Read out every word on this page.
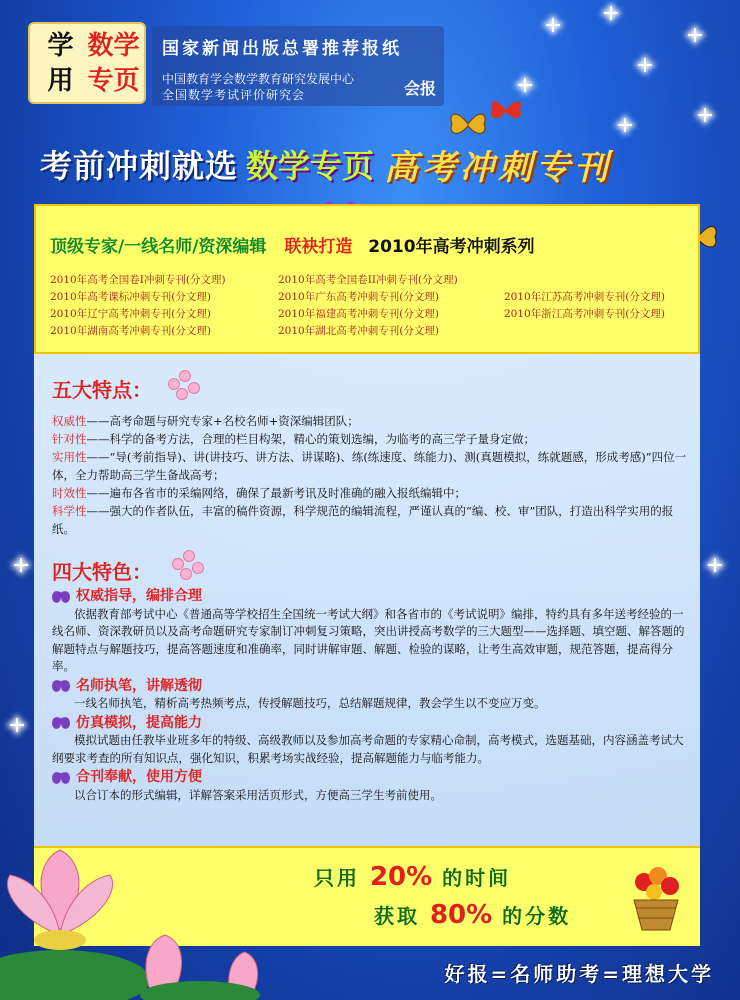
学 数学
用 专页
国家新闻出版总署推荐报纸
中国教育学会数学教育研究发展中心
全国数学考试评价研究会	会报
考前冲刺就选 数学专页 高考冲刺专刊
顶级专家/一线名师/资深编辑 联袂打造 2010年高考冲刺系列
2010年高考全国卷I冲刺专刊(分文理)	2010年高考全国卷II冲刺专刊(分文理)
2010年高考课标冲刺专刊(分文理)	2010年广东高考冲刺专刊(分文理)	2010年江苏高考冲刺专刊(分文理)
2010年辽宁高考冲刺专刊(分文理)	2010年福建高考冲刺专刊(分文理)	2010年浙江高考冲刺专刊(分文理)
2010年湖南高考冲刺专刊(分文理)	2010年湖北高考冲刺专刊(分文理)
五大特点：
权威性——高考命题与研究专家+名校名师+资深编辑团队；
针对性——科学的备考方法，合理的栏目构架，精心的策划选编，为临考的高三学子量身定做；
实用性——“导(考前指导)、讲(讲技巧、讲方法、讲谋略)、练(练速度、练能力)、测(真题模拟，练就题感，形成考感)”四位一体，全力帮助高三学生备战高考；
时效性——遍布各省市的采编网络，确保了最新考讯及时准确的融入报纸编辑中；
科学性——强大的作者队伍，丰富的稿件资源，科学规范的编辑流程，严谨认真的“编、校、审”团队，打造出科学实用的报纸。
四大特色：
权威指导，编排合理

依据教育部考试中心《普通高等学校招生全国统一考试大纲》和各省市的《考试说明》编排，特约具有多年送考经验的一线名师、资深教研员以及高考命题研究专家制订冲刺复习策略，突出讲授高考数学的三大题型——选择题、填空题、解答题的解题特点与解题技巧，提高答题速度和准确率，同时讲解审题、解题、检验的谋略，让考生高效审题，规范答题，提高得分率。

名师执笔，讲解透彻

一线名师执笔，精析高考热频考点，传授解题技巧，总结解题规律，教会学生以不变应万变。

仿真模拟，提高能力

模拟试题由任教毕业班多年的特级、高级教师以及参加高考命题的专家精心命制，高考模式，选题基础，内容涵盖考试大纲要求考查的所有知识点，强化知识，积累考场实战经验，提高解题能力与临考能力。

合刊奉献，使用方便

以合订本的形式编辑，详解答案采用活页形式，方便高三学生考前使用。

只用 20% 的时间
获取 80% 的分数
好报=名师助考=理想大学
